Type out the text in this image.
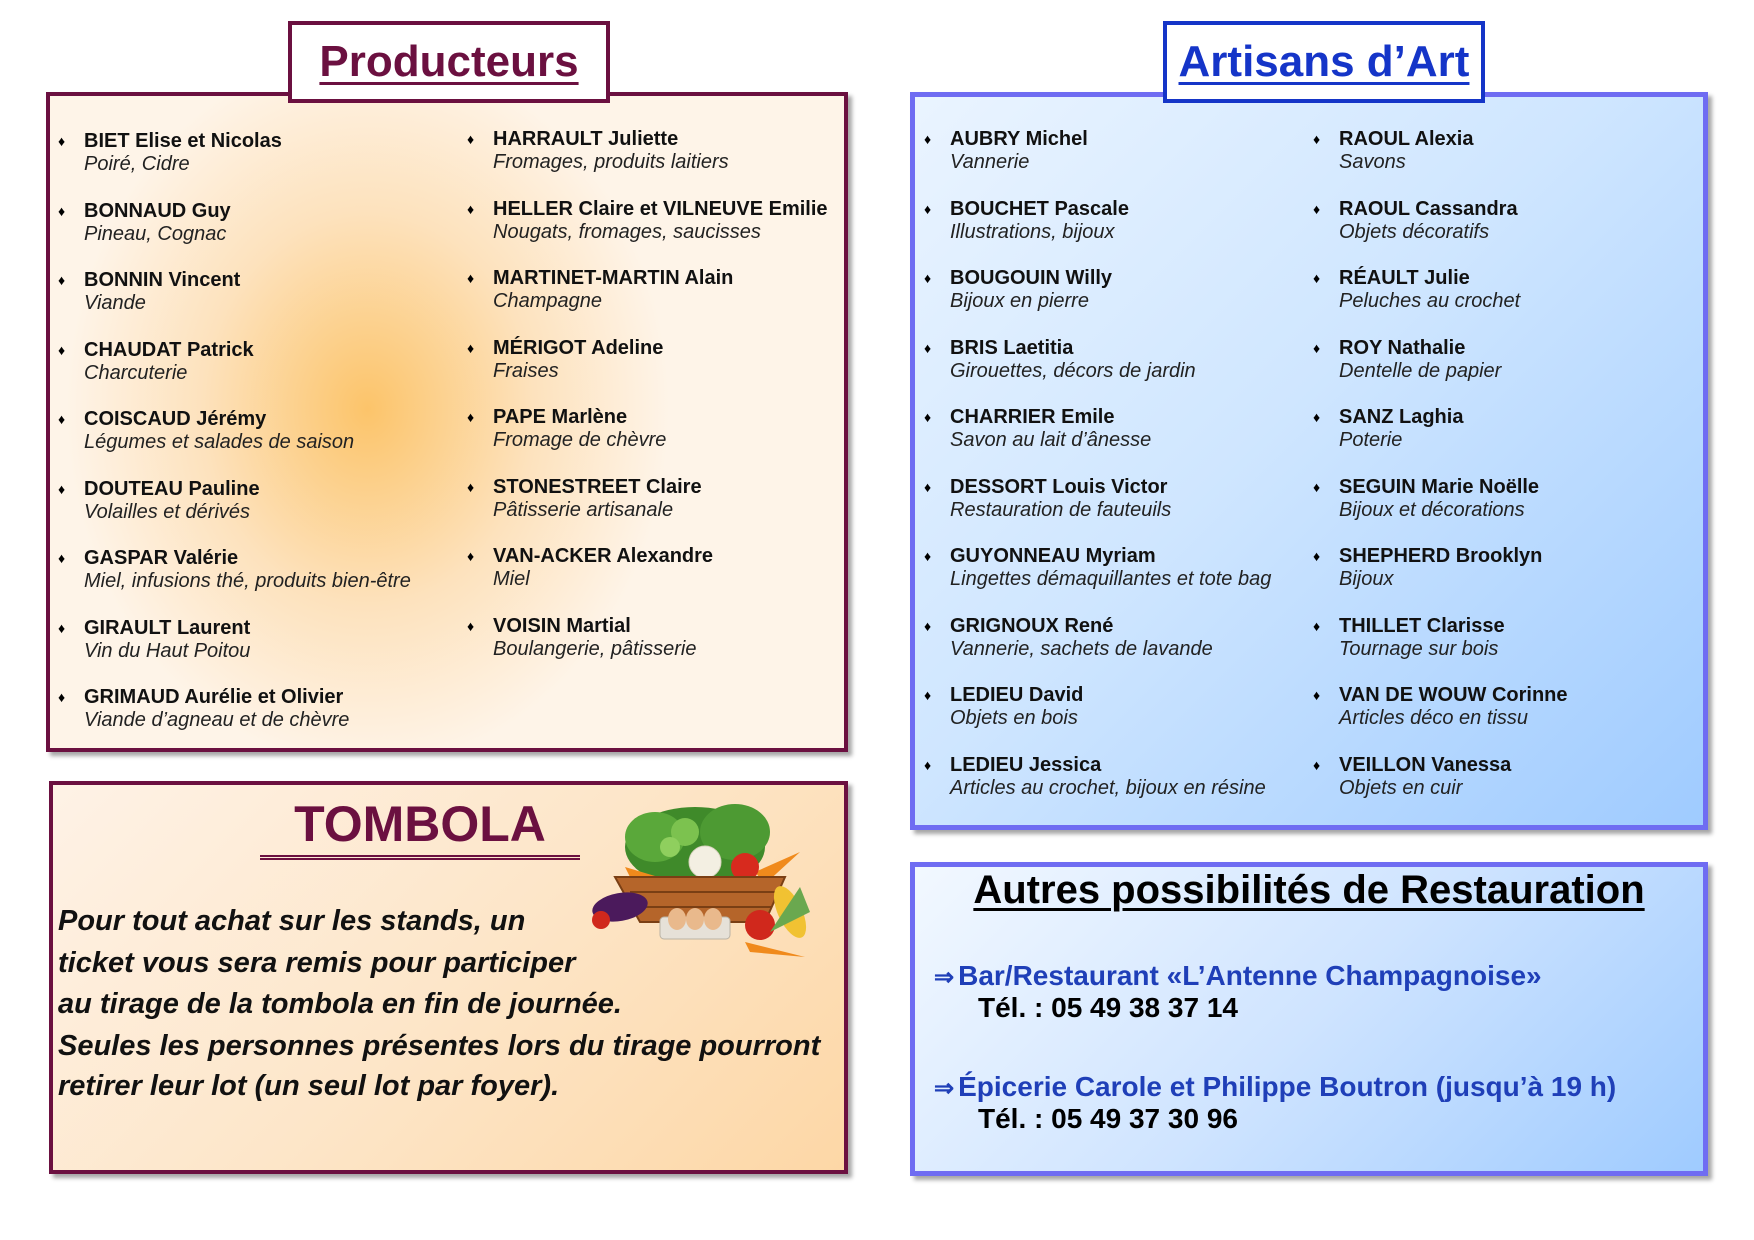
Producteurs
♦ BIET Elise et Nicolas
Poiré, Cidre
♦ BONNAUD Guy
Pineau, Cognac
♦ BONNIN Vincent
Viande
♦ CHAUDAT Patrick
Charcuterie
♦ COISCAUD Jérémy
Légumes et salades de saison
♦ DOUTEAU Pauline
Volailles et dérivés
♦ GASPAR Valérie
Miel, infusions thé, produits bien-être
♦ GIRAULT Laurent
Vin du Haut Poitou
♦ GRIMAUD Aurélie et Olivier
Viande d’agneau et de chèvre
♦ HARRAULT Juliette
Fromages, produits laitiers
♦ HELLER Claire et VILNEUVE Emilie
Nougats, fromages, saucisses
♦ MARTINET-MARTIN Alain
Champagne
♦ MÉRIGOT Adeline
Fraises
♦ PAPE Marlène
Fromage de chèvre
♦ STONESTREET Claire
Pâtisserie artisanale
♦ VAN-ACKER Alexandre
Miel
♦ VOISIN Martial
Boulangerie, pâtisserie
Artisans d’Art
♦ AUBRY Michel
Vannerie
♦ BOUCHET Pascale
Illustrations, bijoux
♦ BOUGOUIN Willy
Bijoux en pierre
♦ BRIS Laetitia
Girouettes, décors de jardin
♦ CHARRIER Emile
Savon au lait d’ânesse
♦ DESSORT Louis Victor
Restauration de fauteuils
♦ GUYONNEAU Myriam
Lingettes démaquillantes et tote bag
♦ GRIGNOUX René
Vannerie, sachets de lavande
♦ LEDIEU David
Objets en bois
♦ LEDIEU Jessica
Articles au crochet, bijoux en résine
♦ RAOUL Alexia
Savons
♦ RAOUL Cassandra
Objets décoratifs
♦ RÉAULT Julie
Peluches au crochet
♦ ROY Nathalie
Dentelle de papier
♦ SANZ Laghia
Poterie
♦ SEGUIN Marie Noëlle
Bijoux et décorations
♦ SHEPHERD Brooklyn
Bijoux
♦ THILLET Clarisse
Tournage sur bois
♦ VAN DE WOUW Corinne
Articles déco en tissu
♦ VEILLON Vanessa
Objets en cuir
TOMBOLA
Pour tout achat sur les stands, un
ticket vous sera remis pour participer
au tirage de la tombola en fin de journée.
Seules les personnes présentes lors du tirage pourront
retirer leur lot (un seul lot par foyer).
Autres possibilités de Restauration
⇒ Bar/Restaurant «L’Antenne Champagnoise»
Tél. : 05 49 38 37 14
⇒ Épicerie Carole et Philippe Boutron (jusqu’à 19 h)
Tél. : 05 49 37 30 96
